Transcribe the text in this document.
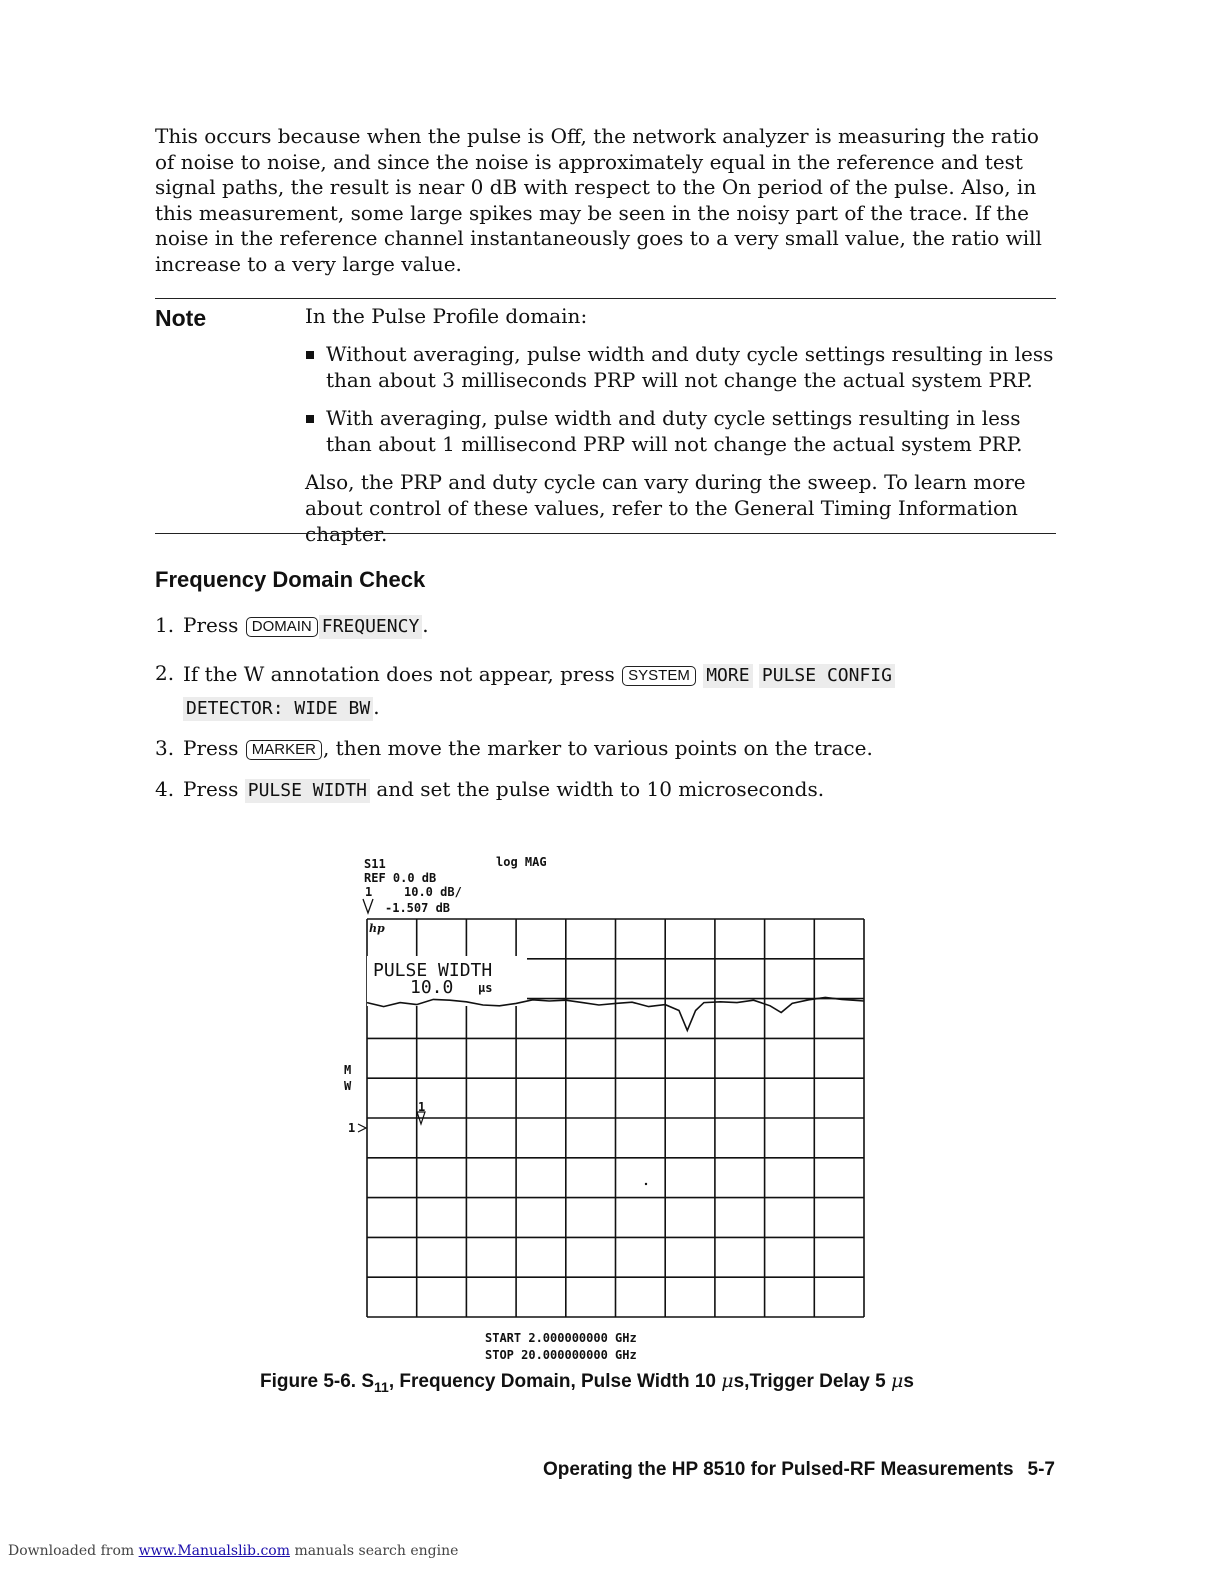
This occurs because when the pulse is Off, the network analyzer is measuring the ratio of noise to noise, and since the noise is approximately equal in the reference and test signal paths, the result is near 0 dB with respect to the On period of the pulse. Also, in this measurement, some large spikes may be seen in the noisy part of the trace. If the noise in the reference channel instantaneously goes to a very small value, the ratio will increase to a very large value.
Note	In the Pulse Profile domain:

Without averaging, pulse width and duty cycle settings resulting in less than about 3 milliseconds PRP will not change the actual system PRP.
With averaging, pulse width and duty cycle settings resulting in less than about 1 millisecond PRP will not change the actual system PRP.

Also, the PRP and duty cycle can vary during the sweep. To learn more about control of these values, refer to the General Timing Information chapter.

Frequency Domain Check
1. Press DOMAIN FREQUENCY .
2. If the W annotation does not appear, press SYSTEM MORE PULSE CONFIG
DETECTOR: WIDE BW .
3. Press MARKER , then move the marker to various points on the trace.
4. Press PULSE WIDTH and set the pulse width to 10 microseconds.
S11	log MAG
REF 0.0 dB
1	10.0 dB/
-1.507 dB
hp
PULSE WIDTH
10.0 μs
M
W
1
1
START 2.000000000 GHz
STOP 20.000000000 GHz
Figure 5-6. $S_{11}$, Frequency Domain, Pulse Width 10 μs,Trigger Delay 5 μs
Operating the HP 8510 for Pulsed-RF Measurements 5-7
Downloaded from www.Manualslib.com manuals search engine
